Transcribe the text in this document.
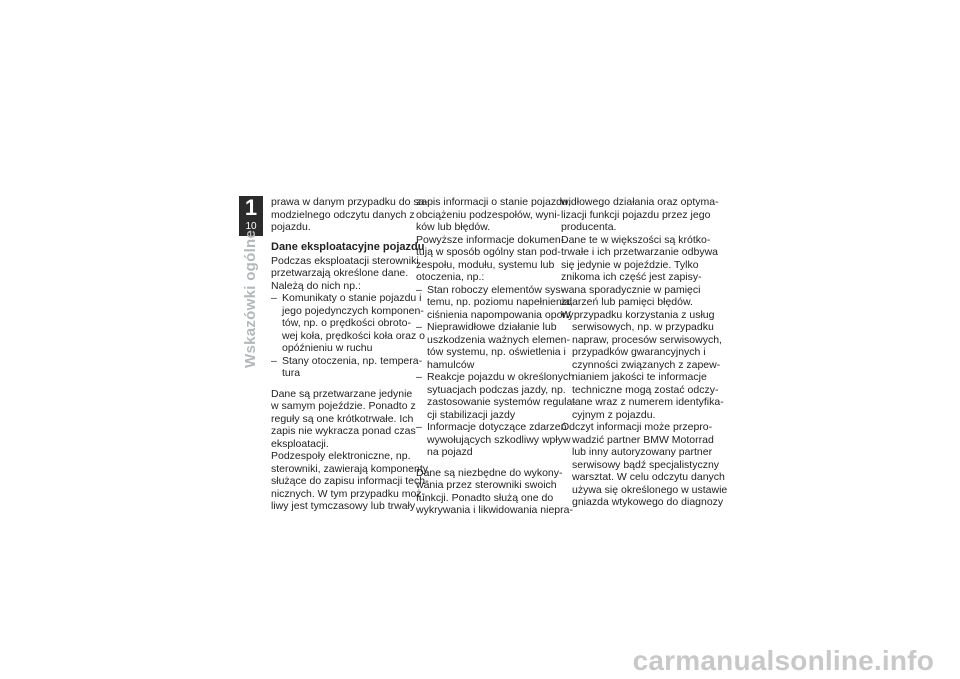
1
10
Wskazówki ogólne

prawa w danym przypadku do sa-
modzielnego odczytu danych z
pojazdu.

Dane eksploatacyjne pojazdu

Podczas eksploatacji sterowniki
przetwarzają określone dane.
Należą do nich np.:

– Komunikaty o stanie pojazdu i
jego pojedynczych komponen-
tów, np. o prędkości obroto-
wej koła, prędkości koła oraz o
opóźnieniu w ruchu
– Stany otoczenia, np. tempera-
tura

Dane są przetwarzane jedynie
w samym pojeździe. Ponadto z
reguły są one krótkotrwałe. Ich
zapis nie wykracza ponad czas
eksploatacji.

Podzespoły elektroniczne, np.
sterowniki, zawierają komponenty
służące do zapisu informacji tech-
nicznych. W tym przypadku moż-
liwy jest tymczasowy lub trwały

zapis informacji o stanie pojazdu,
obciążeniu podzespołów, wyni-
ków lub błędów.

Powyższe informacje dokumen-
tują w sposób ogólny stan pod-
zespołu, modułu, systemu lub
otoczenia, np.:

– Stan roboczy elementów sys-
temu, np. poziomu napełnienia,
ciśnienia napompowania opony
– Nieprawidłowe działanie lub
uszkodzenia ważnych elemen-
tów systemu, np. oświetlenia i
hamulców
– Reakcje pojazdu w określonych
sytuacjach podczas jazdy, np.
zastosowanie systemów regula-
cji stabilizacji jazdy
– Informacje dotyczące zdarzeń
wywołujących szkodliwy wpływ
na pojazd

Dane są niezbędne do wykony-
wania przez sterowniki swoich
funkcji. Ponadto służą one do
wykrywania i likwidowania niepra-

widłowego działania oraz optyma-
lizacji funkcji pojazdu przez jego
producenta.

Dane te w większości są krótko-
trwałe i ich przetwarzanie odbywa
się jedynie w pojeździe. Tylko
znikoma ich część jest zapisy-
wana sporadycznie w pamięci
zdarzeń lub pamięci błędów.

W przypadku korzystania z usług
serwisowych, np. w przypadku
napraw, procesów serwisowych,
przypadków gwarancyjnych i
czynności związanych z zapew-
nianiem jakości te informacje
techniczne mogą zostać odczy-
tane wraz z numerem identyfika-
cyjnym z pojazdu.

Odczyt informacji może przepro-
wadzić partner BMW Motorrad
lub inny autoryzowany partner
serwisowy bądź specjalistyczny
warsztat. W celu odczytu danych
używa się określonego w ustawie
gniazda wtykowego do diagnozy

carmanualsonline.info
